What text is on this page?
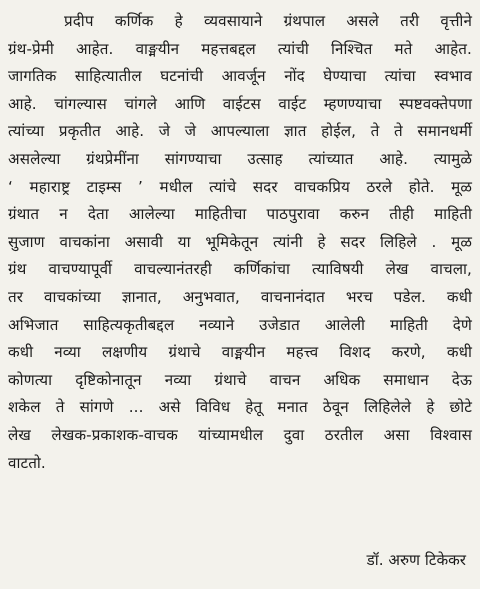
प्रदीप कर्णिक हे व्यवसायाने ग्रंथपाल असले तरी वृत्तीने
ग्रंथ-प्रेमी आहेत. वाङ्मयीन महत्तबद्दल त्यांची निश्चित मते आहेत.
जागतिक साहित्यातील घटनांची आवर्जून नोंद घेण्याचा त्यांचा स्वभाव
आहे. चांगल्यास चांगले आणि वाईटस वाईट म्हणण्याचा स्पष्टवक्तेपणा
त्यांच्या प्रकृतीत आहे. जे जे आपल्याला ज्ञात होईल, ते ते समानधर्मी
असलेल्या ग्रंथप्रेमींना सांगण्याचा उत्साह त्यांच्यात आहे. त्यामुळे
‘ महाराष्ट्र टाइम्स ’ मधील त्यांचे सदर वाचकप्रिय ठरले होते. मूळ
ग्रंथात न देता आलेल्या माहितीचा पाठपुरावा करुन तीही माहिती
सुजाण वाचकांना असावी या भूमिकेतून त्यांनी हे सदर लिहिले . मूळ
ग्रंथ वाचण्यापूर्वी वाचल्यानंतरही कर्णिकांचा त्याविषयी लेख वाचला,
तर वाचकांच्या ज्ञानात, अनुभवात, वाचनानंदात भरच पडेल. कधी
अभिजात साहित्यकृतीबद्दल नव्याने उजेडात आलेली माहिती देणे
कधी नव्या लक्षणीय ग्रंथाचे वाङ्मयीन महत्त्व विशद करणे, कधी
कोणत्या दृष्टिकोनातून नव्या ग्रंथाचे वाचन अधिक समाधान देऊ
शकेल ते सांगणे ... असे विविध हेतू मनात ठेवून लिहिलेले हे छोटे
लेख लेखक-प्रकाशक-वाचक यांच्यामधील दुवा ठरतील असा विश्वास
वाटतो.
डॉ. अरुण टिकेकर
